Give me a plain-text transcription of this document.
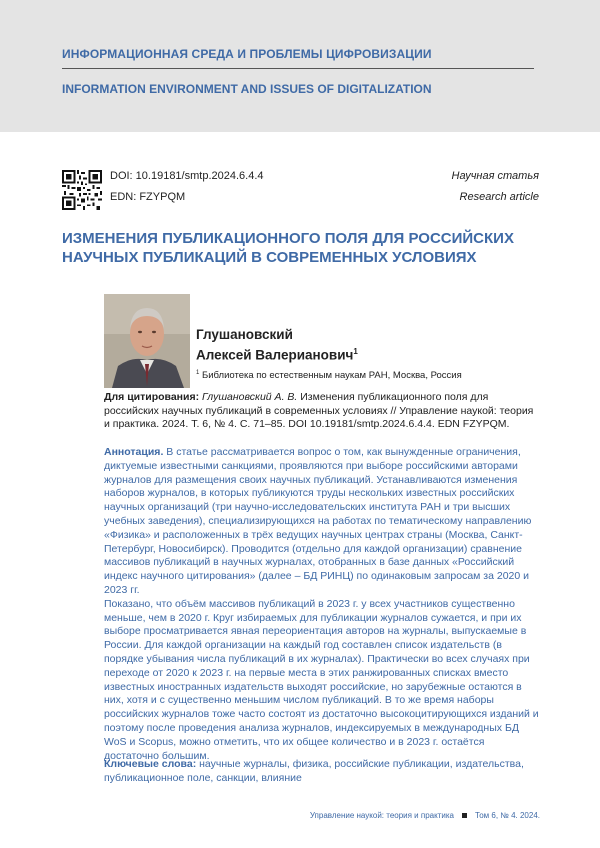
ИНФОРМАЦИОННАЯ СРЕДА И ПРОБЛЕМЫ ЦИФРОВИЗАЦИИ
INFORMATION ENVIRONMENT AND ISSUES OF DIGITALIZATION
DOI: 10.19181/smtp.2024.6.4.4
EDN: FZYPQM
Научная статья
Research article
ИЗМЕНЕНИЯ ПУБЛИКАЦИОННОГО ПОЛЯ ДЛЯ РОССИЙСКИХ НАУЧНЫХ ПУБЛИКАЦИЙ В СОВРЕМЕННЫХ УСЛОВИЯХ
Глушановский
Алексей Валерианович$^1$
$^1$ Библиотека по естественным наукам РАН, Москва, Россия
Для цитирования: Глушановский А. В. Изменения публикационного поля для российских научных публикаций в современных условиях // Управление наукой: теория и практика. 2024. Т. 6, № 4. С. 71–85. DOI 10.19181/smtp.2024.6.4.4. EDN FZYPQM.

Аннотация. В статье рассматривается вопрос о том, как вынужденные ограничения, диктуемые известными санкциями, проявляются при выборе российскими авторами журналов для размещения своих научных публикаций. Устанавливаются изменения наборов журналов, в которых публикуются труды нескольких известных российских научных организаций (три научно-исследовательских института РАН и три высших учебных заведения), специализирующихся на работах по тематическому направлению «Физика» и расположенных в трёх ведущих научных центрах страны (Москва, Санкт-Петербург, Новосибирск). Проводится (отдельно для каждой организации) сравнение массивов публикаций в научных журналах, отобранных в базе данных «Российский индекс научного цитирования» (далее – БД РИНЦ) по одинаковым запросам за 2020 и 2023 гг.

Показано, что объём массивов публикаций в 2023 г. у всех участников существенно меньше, чем в 2020 г. Круг избираемых для публикации журналов сужается, и при их выборе просматривается явная переориентация авторов на журналы, выпускаемые в России. Для каждой организации на каждый год составлен список издательств (в порядке убывания числа публикаций в их журналах). Практически во всех случаях при переходе от 2020 к 2023 г. на первые места в этих ранжированных списках вместо известных иностранных издательств выходят российские, но зарубежные остаются в них, хотя и с существенно меньшим числом публикаций. В то же время наборы российских журналов тоже часто состоят из достаточно высокоцитирующихся изданий и поэтому после проведения анализа журналов, индексируемых в международных БД WoS и Scopus, можно отметить, что их общее количество и в 2023 г. остаётся достаточно большим.

Ключевые слова: научные журналы, физика, российские публикации, издательства, публикационное поле, санкции, влияние
Управление наукой: теория и практика	Том 6, № 4. 2024.
